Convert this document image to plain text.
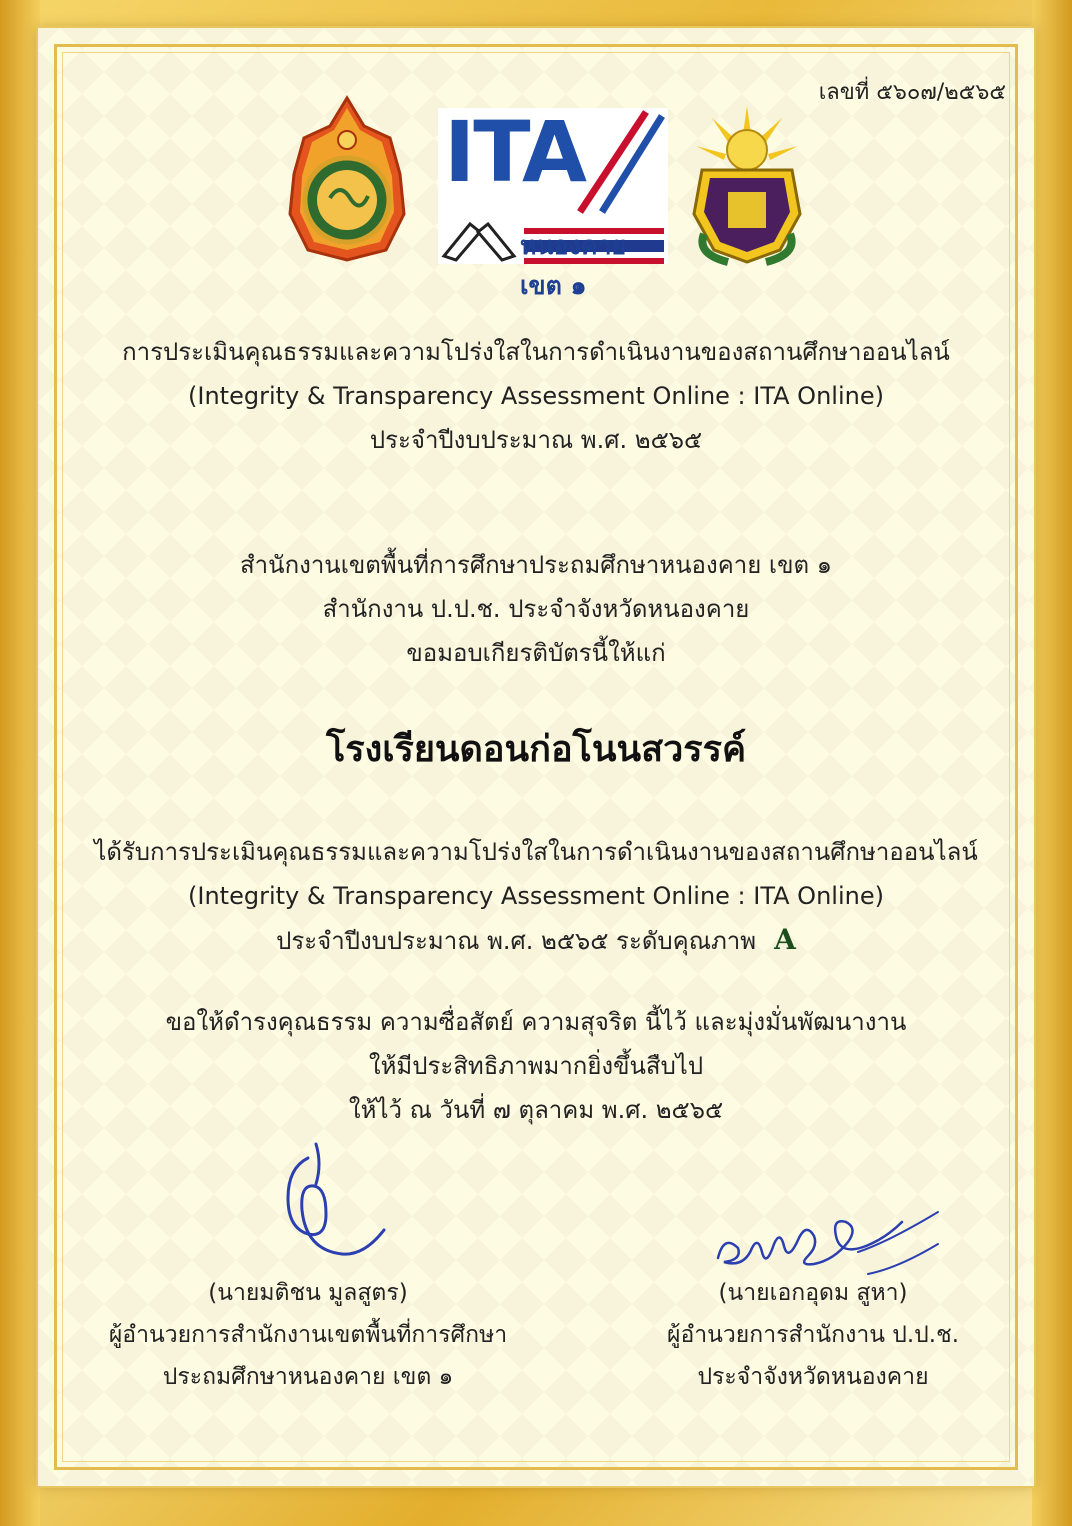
เลขที่ ๕๖๐๗/๒๕๖๕
ITA
หนองคาย เขต ๑
การประเมินคุณธรรมและความโปร่งใสในการดำเนินงานของสถานศึกษาออนไลน์
(Integrity & Transparency Assessment Online : ITA Online)
ประจำปีงบประมาณ พ.ศ. ๒๕๖๕
สำนักงานเขตพื้นที่การศึกษาประถมศึกษาหนองคาย เขต ๑
สำนักงาน ป.ป.ช. ประจำจังหวัดหนองคาย
ขอมอบเกียรติบัตรนี้ให้แก่
โรงเรียนดอนก่อโนนสวรรค์
ได้รับการประเมินคุณธรรมและความโปร่งใสในการดำเนินงานของสถานศึกษาออนไลน์
(Integrity & Transparency Assessment Online : ITA Online)
ประจำปีงบประมาณ พ.ศ. ๒๕๖๕ ระดับคุณภาพ A
ขอให้ดำรงคุณธรรม ความซื่อสัตย์ ความสุจริต นี้ไว้ และมุ่งมั่นพัฒนางาน
ให้มีประสิทธิภาพมากยิ่งขึ้นสืบไป
ให้ไว้ ณ วันที่ ๗ ตุลาคม พ.ศ. ๒๕๖๕
(นายมติชน มูลสูตร)
ผู้อำนวยการสำนักงานเขตพื้นที่การศึกษา
ประถมศึกษาหนองคาย เขต ๑
(นายเอกอุดม สูหา)
ผู้อำนวยการสำนักงาน ป.ป.ช.
ประจำจังหวัดหนองคาย
